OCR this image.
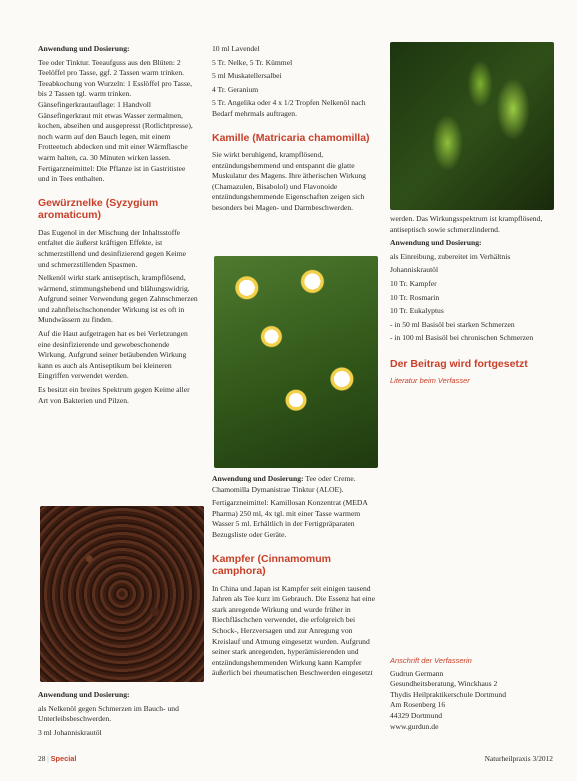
Anwendung und Dosierung:

Tee oder Tinktur. Teeaufguss aus den Blüten: 2 Teelöffel pro Tasse, ggf. 2 Tassen warm trinken. Teeabkochung von Wurzeln: 1 Esslöffel pro Tasse, bis 2 Tassen tgl. warm trinken. Gänsefingerkrautauflage: 1 Handvoll Gänsefingerkraut mit etwas Wasser zermalmen, kochen, abseihen und ausgepresst (Rotlichtpresse), noch warm auf den Bauch legen, mit einem Frotteetuch abdecken und mit einer Wärmflasche warm halten, ca. 30 Minuten wirken lassen. Fertigarzneimittel: Die Pflanze ist in Gastritistee und in Tees enthalten.

Gewürznelke (Syzygium aromaticum)

Das Eugenol in der Mischung der Inhaltsstoffe entfaltet die äußerst kräftigen Effekte, ist schmerzstillend und desinfizierend gegen Keime und schmerzstillenden Spasmen.

Nelkenöl wirkt stark antiseptisch, krampflösend, wärmend, stimmungshebend und blähungswidrig. Aufgrund seiner Verwendung gegen Zahnschmerzen und zahnfleischschonender Wirkung ist es oft in Mundwässern zu finden.

Auf die Haut aufgetragen hat es bei Verletzungen eine desinfizierende und gewebeschonende Wirkung. Aufgrund seiner betäubenden Wirkung kann es auch als Antiseptikum bei kleineren Eingriffen verwendet werden.

Es besitzt ein breites Spektrum gegen Keime aller Art von Bakterien und Pilzen.

Anwendung und Dosierung:

als Nelkenöl gegen Schmerzen im Bauch- und Unterleibsbeschwerden.

3 ml Johanniskrautöl

10 ml Lavendel

5 Tr. Nelke, 5 Tr. Kümmel

5 ml Muskatellersalbei

4 Tr. Geranium

5 Tr. Angelika oder 4 x 1/2 Tropfen Nelkenöl nach Bedarf mehrmals auftragen.

Kamille (Matricaria chamomilla)

Sie wirkt beruhigend, krampflösend, entzündungshemmend und entspannt die glatte Muskulatur des Magens. Ihre ätherischen Wirkung (Chamazulen, Bisabolol) und Flavonoide entzündungshemmende Eigenschaften zeigen sich besonders bei Magen- und Darmbeschwerden.

Anwendung und Dosierung: Tee oder Creme. Chamomilla Dymanistrae Tinktur (ALOE).

Fertigarzneimittel: Kamillosan Konzentrat (MEDA Pharma) 250 ml, 4x tgl. mit einer Tasse warmem Wasser 5 ml. Erhältlich in der Fertigpräparaten Bezugsliste oder Geräte.

Kampfer (Cinnamomum camphora)

In China und Japan ist Kampfer seit einigen tausend Jahren als Tee kurz im Gebrauch. Die Essenz hat eine stark anregende Wirkung und wurde früher in Riechfläschchen verwendet, die erfolgreich bei Schock-, Herzversagen und zur Anregung von Kreislauf und Atmung eingesetzt wurden. Aufgrund seiner stark anregenden, hyperämisierenden und entzündungshemmenden Wirkung kann Kampfer äußerlich bei rheumatischen Beschwerden eingesetzt

werden. Das Wirkungsspektrum ist krampflösend, antiseptisch sowie schmerzlindernd.

Anwendung und Dosierung:

als Einreibung, zubereitet im Verhältnis

Johanniskrautöl

10 Tr. Kampfer

10 Tr. Rosmarin

10 Tr. Eukalyptus

- in 50 ml Basisöl bei starken Schmerzen

- in 100 ml Basisöl bei chronischen Schmerzen

Der Beitrag wird fortgesetzt
Literatur beim Verfasser
Anschrift der Verfasserin

Gudrun Germann

Gesundheitsberatung, Winckhaus 2

Thydis Heilpraktikerschule Dortmund

Am Rosenberg 16

44329 Dortmund

www.gurdun.de

28 | Special	Naturheilpraxis 3/2012
